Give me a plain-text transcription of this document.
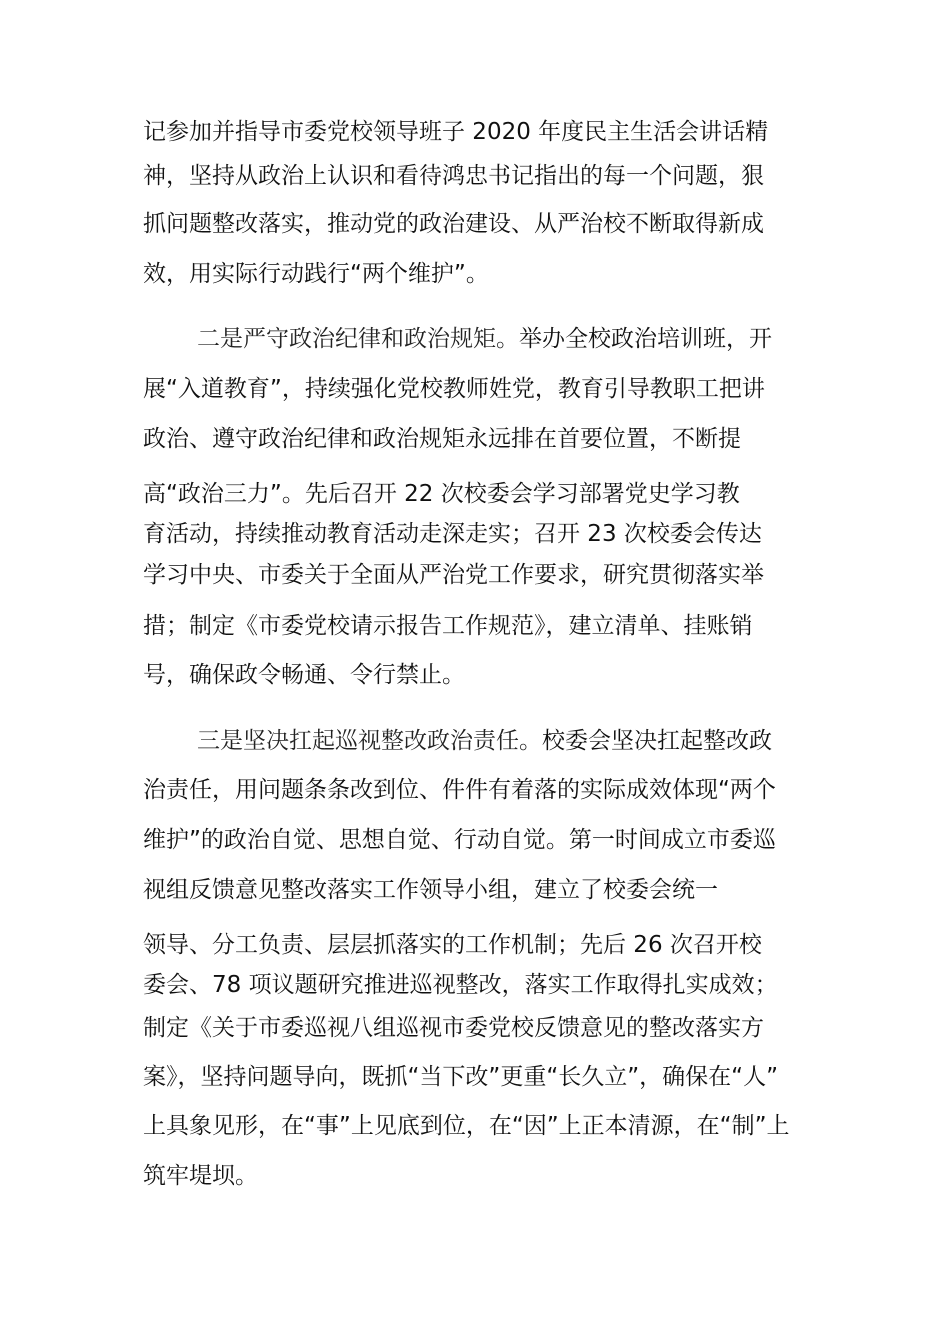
记参加并指导市委党校领导班子 2020 年度民主生活会讲话精
神，坚持从政治上认识和看待鸿忠书记指出的每一个问题，狠
抓问题整改落实，推动党的政治建设、从严治校不断取得新成
效，用实际行动践行“两个维护”。
二是严守政治纪律和政治规矩。举办全校政治培训班，开
展“入道教育”，持续强化党校教师姓党，教育引导教职工把讲
政治、遵守政治纪律和政治规矩永远排在首要位置，不断提
高“政治三力”。先后召开 22 次校委会学习部署党史学习教
育活动，持续推动教育活动走深走实；召开 23 次校委会传达
学习中央、市委关于全面从严治党工作要求，研究贯彻落实举
措；制定《市委党校请示报告工作规范》，建立清单、挂账销
号，确保政令畅通、令行禁止。
三是坚决扛起巡视整改政治责任。校委会坚决扛起整改政
治责任，用问题条条改到位、件件有着落的实际成效体现“两个
维护”的政治自觉、思想自觉、行动自觉。第一时间成立市委巡
视组反馈意见整改落实工作领导小组，建立了校委会统一
领导、分工负责、层层抓落实的工作机制；先后 26 次召开校
委会、78 项议题研究推进巡视整改，落实工作取得扎实成效；
制定《关于市委巡视八组巡视市委党校反馈意见的整改落实方
案》，坚持问题导向，既抓“当下改”更重“长久立”，确保在“人”
上具象见形，在“事”上见底到位，在“因”上正本清源，在“制”上
筑牢堤坝。
